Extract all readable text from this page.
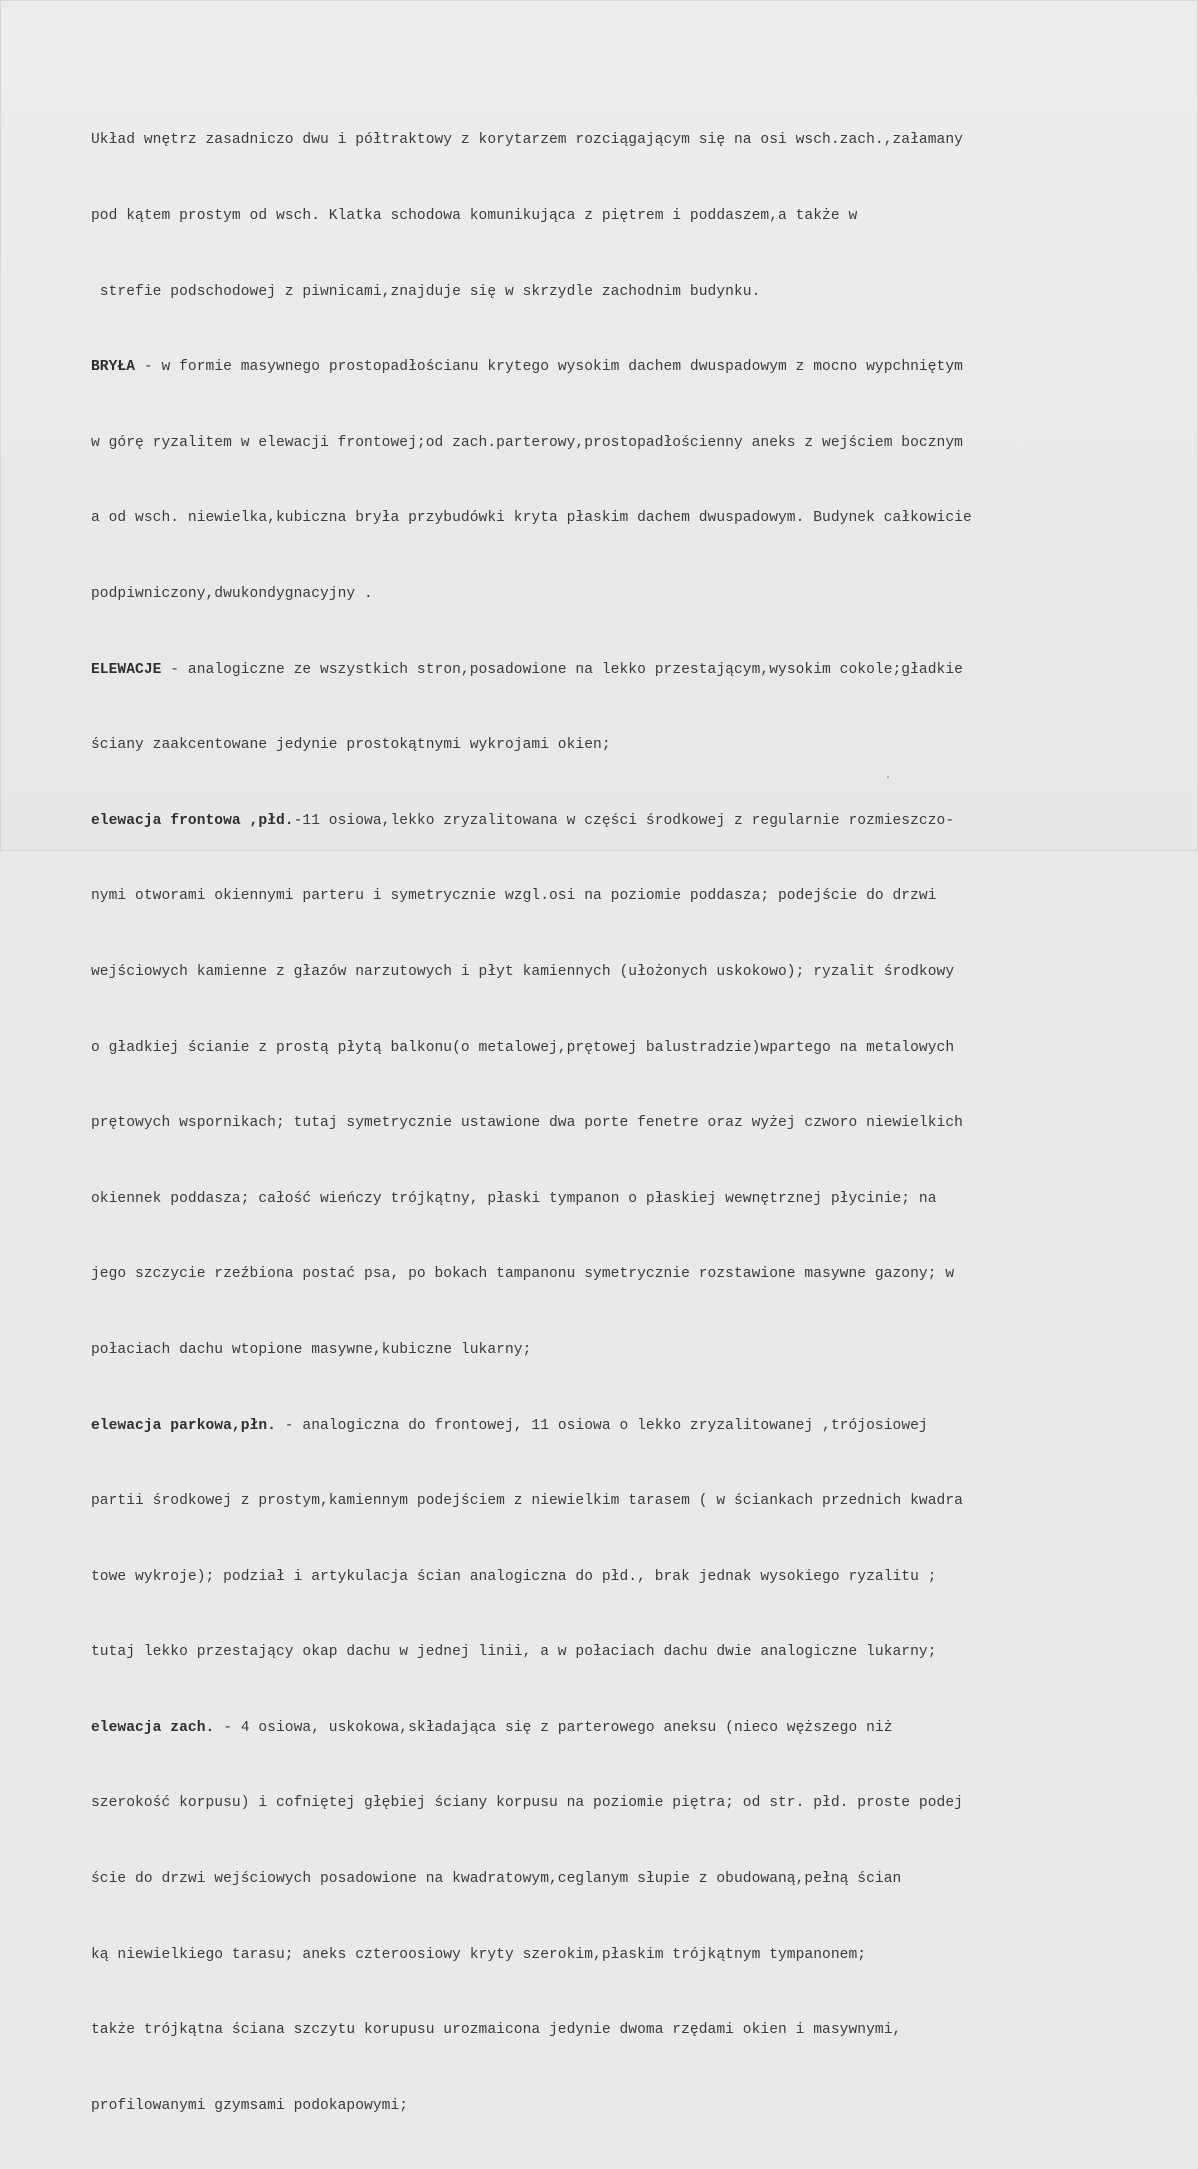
Układ wnętrz zasadniczo dwu i półtraktowy z korytarzem rozciągającym się na osi wsch.zach.,załamany

pod kątem prostym od wsch. Klatka schodowa komunikująca z piętrem i poddaszem,a także w

strefie podschodowej z piwnicami,znajduje się w skrzydle zachodnim budynku.

BRYŁA - w formie masywnego prostopadłościanu krytego wysokim dachem dwuspadowym z mocno wypchniętym

w górę ryzalitem w elewacji frontowej;od zach.parterowy,prostopadłościenny aneks z wejściem bocznym

a od wsch. niewielka,kubiczna bryła przybudówki kryta płaskim dachem dwuspadowym. Budynek całkowicie

podpiwniczony,dwukondygnacyjny .

ELEWACJE - analogiczne ze wszystkich stron,posadowione na lekko przestającym,wysokim cokole;gładkie

ściany zaakcentowane jedynie prostokątnymi wykrojami okien;

elewacja frontowa ,płd.-11 osiowa,lekko zryzalitowana w części środkowej z regularnie rozmieszczo-

nymi otworami okiennymi parteru i symetrycznie wzgl.osi na poziomie poddasza; podejście do drzwi

wejściowych kamienne z głazów narzutowych i płyt kamiennych (ułożonych uskokowo); ryzalit środkowy

o gładkiej ścianie z prostą płytą balkonu(o metalowej,prętowej balustradzie)wpartego na metalowych

prętowych wspornikach; tutaj symetrycznie ustawione dwa porte fenetre oraz wyżej czworo niewielkich

okiennek poddasza; całość wieńczy trójkątny, płaski tympanon o płaskiej wewnętrznej płycinie; na

jego szczycie rzeźbiona postać psa, po bokach tampanonu symetrycznie rozstawione masywne gazony; w

połaciach dachu wtopione masywne,kubiczne lukarny;

elewacja parkowa,płn. - analogiczna do frontowej, 11 osiowa o lekko zryzalitowanej ,trójosiowej

partii środkowej z prostym,kamiennym podejściem z niewielkim tarasem ( w ściankach przednich kwadra

towe wykroje); podział i artykulacja ścian analogiczna do płd., brak jednak wysokiego ryzalitu ;

tutaj lekko przestający okap dachu w jednej linii, a w połaciach dachu dwie analogiczne lukarny;

elewacja zach. - 4 osiowa, uskokowa,składająca się z parterowego aneksu (nieco węższego niż

szerokość korpusu) i cofniętej głębiej ściany korpusu na poziomie piętra; od str. płd. proste podej

ście do drzwi wejściowych posadowione na kwadratowym,ceglanym słupie z obudowaną,pełną ścian

ką niewielkiego tarasu; aneks czteroosiowy kryty szerokim,płaskim trójkątnym tympanonem;

także trójkątna ściana szczytu korupusu urozmaicona jedynie dwoma rzędami okien i masywnymi,

profilowanymi gzymsami podokapowymi;
